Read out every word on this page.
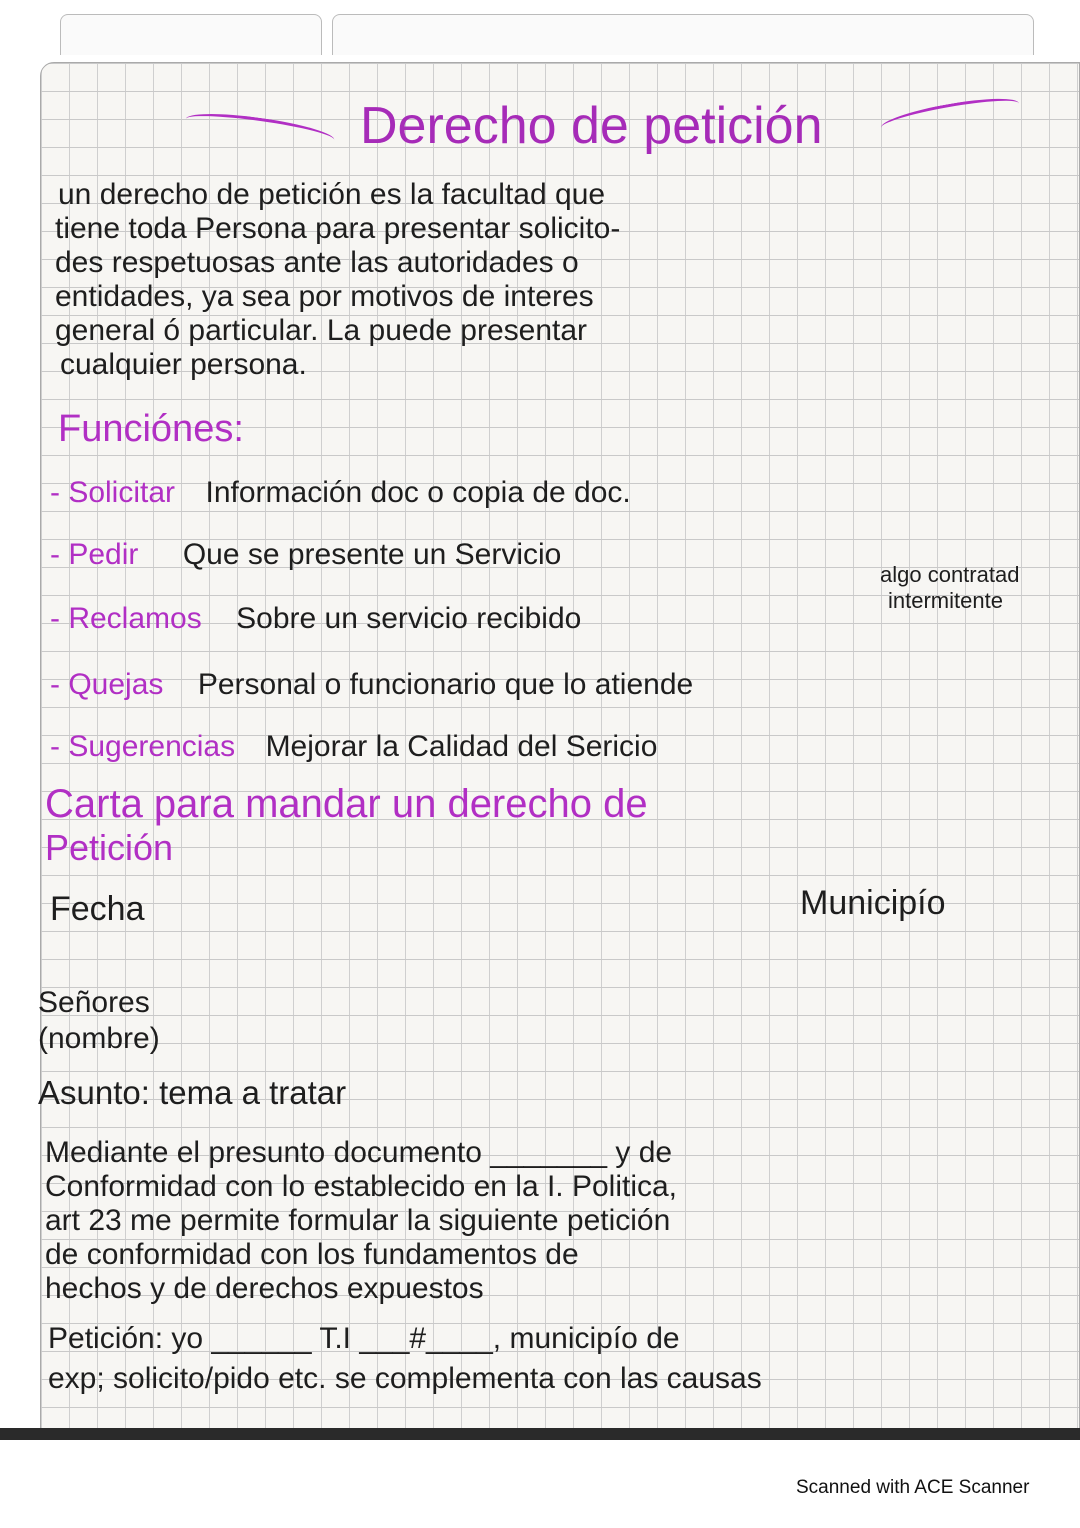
Derecho de petición
un derecho de petición es la facultad que
tiene toda Persona para presentar solicito-
des respetuosas ante las autoridades o
entidades, ya sea por motivos de interes
general ó particular. La puede presentar
cualquier persona.
Funciónes:
- Solicitar Información doc o copia de doc.
- Pedir Que se presente un Servicio
- Reclamos Sobre un servicio recibido
algo contratad
intermitente
- Quejas Personal o funcionario que lo atiende
- Sugerencias Mejorar la Calidad del Sericio
Carta para mandar un derecho de
Petición
Fecha	Municipío
Señores
(nombre)
Asunto: tema a tratar
Mediante el presunto documento _______ y de
Conformidad con lo establecido en la I. Politica,
art 23 me permite formular la siguiente petición
de conformidad con los fundamentos de
hechos y de derechos expuestos
Petición: yo ______ T.I ___#____, municipío de
exp; solicito/pido etc. se complementa con las causas
Scanned with ACE Scanner
